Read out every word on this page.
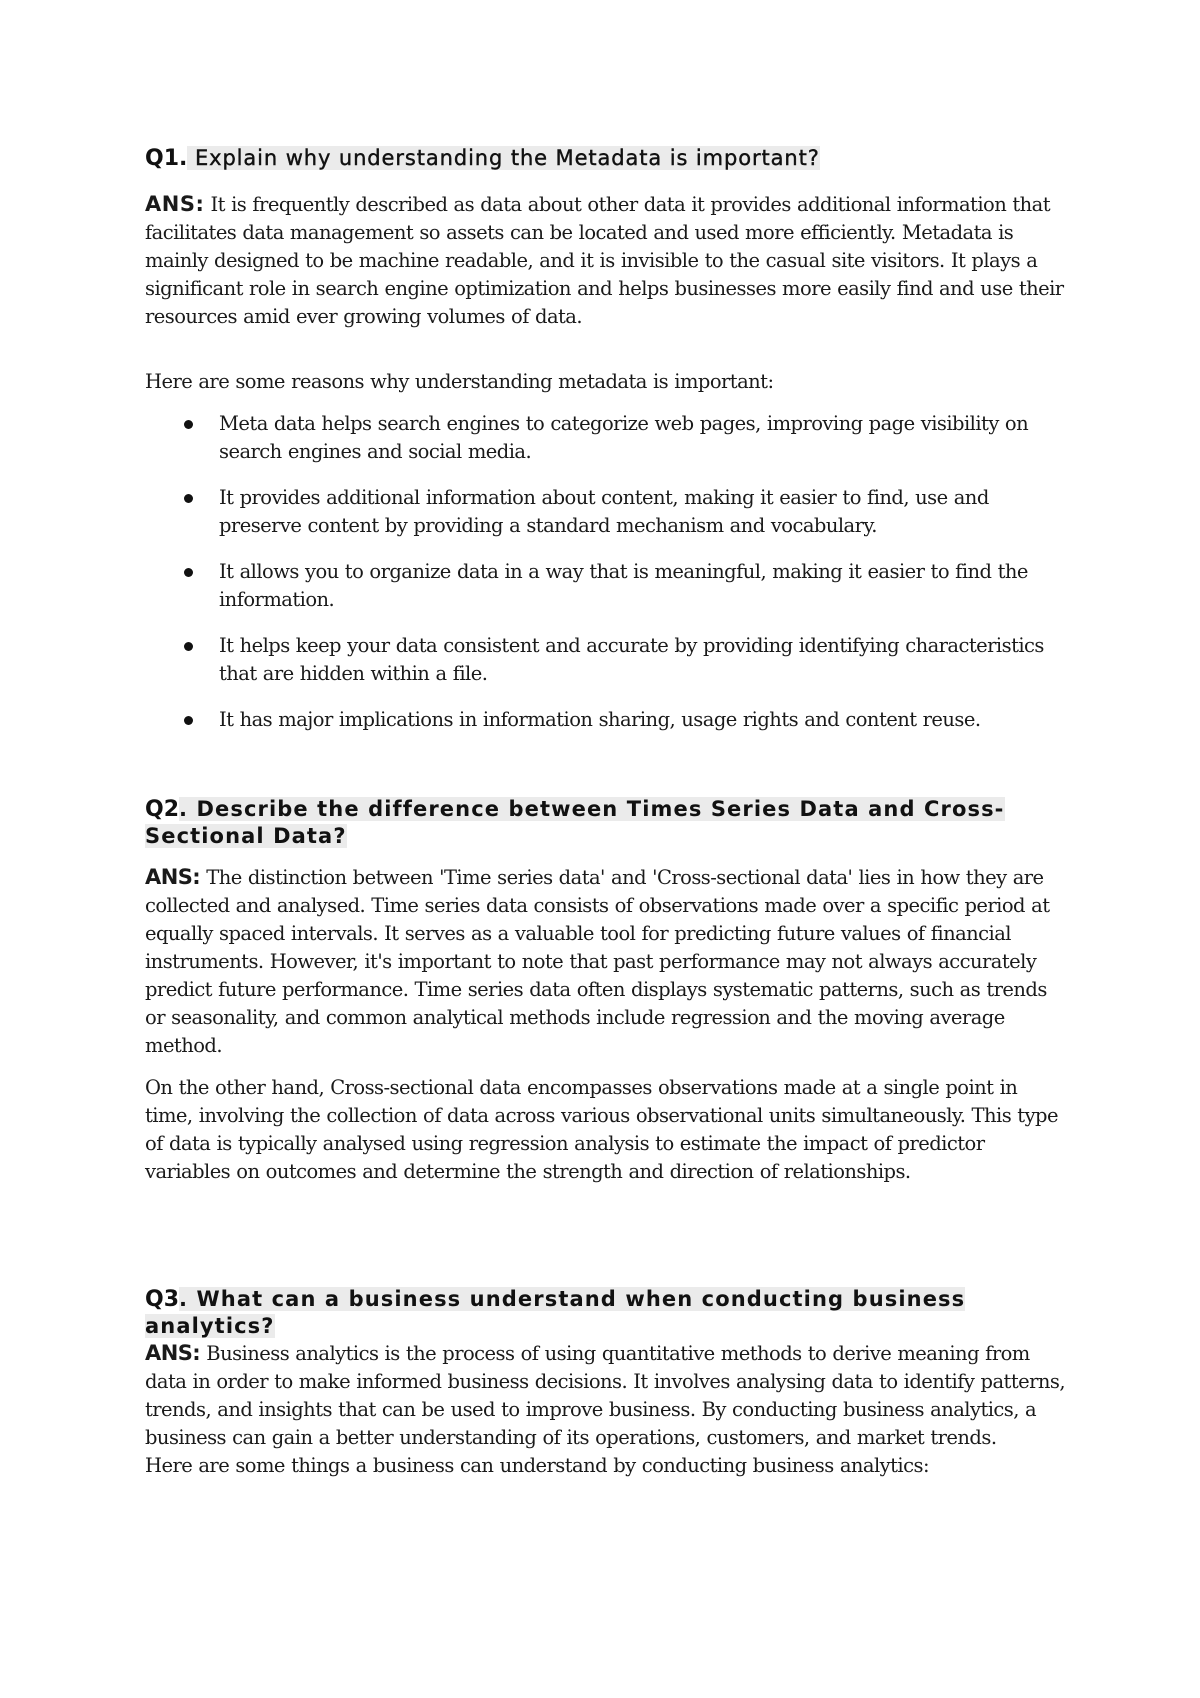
Q1. Explain why understanding the Metadata is important?

ANS: It is frequently described as data about other data it provides additional information that facilitates data management so assets can be located and used more efficiently. Metadata is mainly designed to be machine readable, and it is invisible to the casual site visitors. It plays a significant role in search engine optimization and helps businesses more easily find and use their resources amid ever growing volumes of data.

Here are some reasons why understanding metadata is important:

Meta data helps search engines to categorize web pages, improving page visibility on search engines and social media.
It provides additional information about content, making it easier to find, use and preserve content by providing a standard mechanism and vocabulary.
It allows you to organize data in a way that is meaningful, making it easier to find the information.
It helps keep your data consistent and accurate by providing identifying characteristics that are hidden within a file.
It has major implications in information sharing, usage rights and content reuse.
Q2. Describe the difference between Times Series Data and Cross-Sectional Data?

ANS: The distinction between 'Time series data' and 'Cross-sectional data' lies in how they are collected and analysed. Time series data consists of observations made over a specific period at equally spaced intervals. It serves as a valuable tool for predicting future values of financial instruments. However, it's important to note that past performance may not always accurately predict future performance. Time series data often displays systematic patterns, such as trends or seasonality, and common analytical methods include regression and the moving average method.

On the other hand, Cross-sectional data encompasses observations made at a single point in time, involving the collection of data across various observational units simultaneously. This type of data is typically analysed using regression analysis to estimate the impact of predictor variables on outcomes and determine the strength and direction of relationships.

Q3. What can a business understand when conducting business analytics?

ANS: Business analytics is the process of using quantitative methods to derive meaning from data in order to make informed business decisions. It involves analysing data to identify patterns, trends, and insights that can be used to improve business. By conducting business analytics, a business can gain a better understanding of its operations, customers, and market trends.

Here are some things a business can understand by conducting business analytics:
